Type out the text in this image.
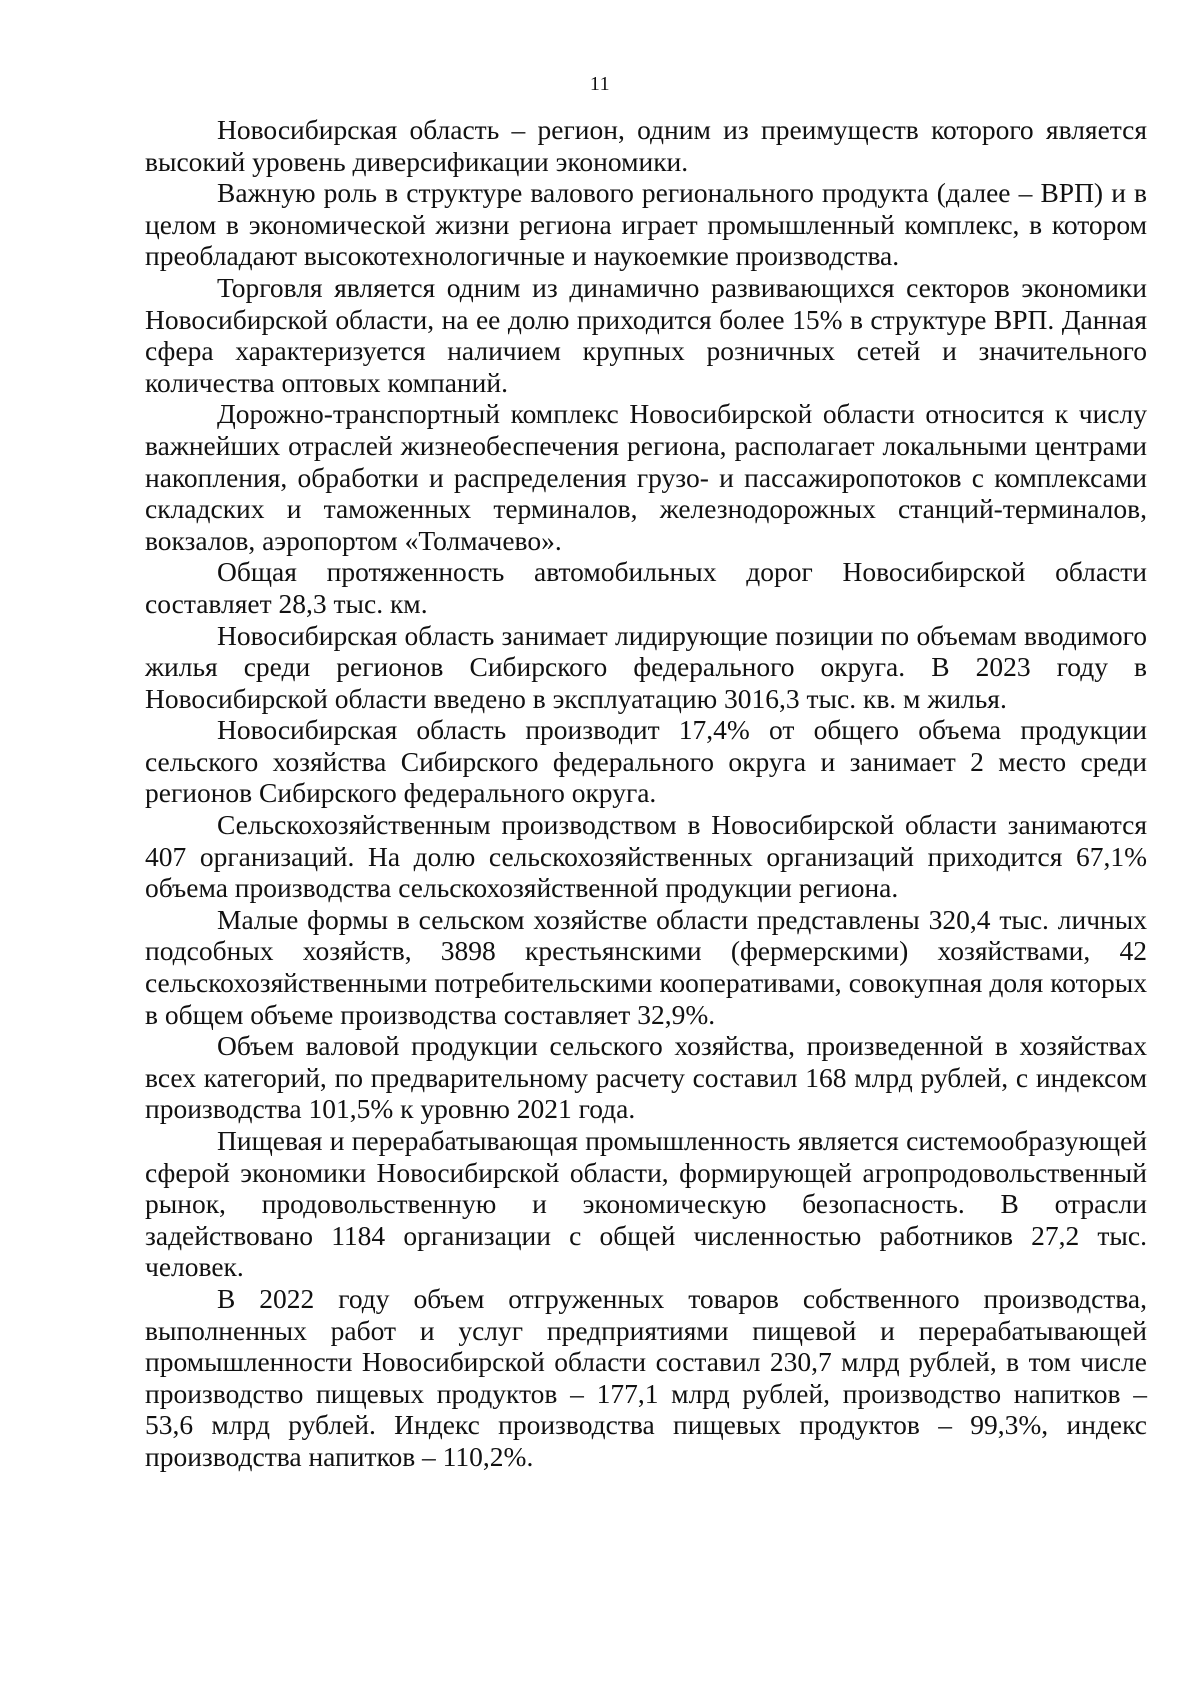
11

Новосибирская область – регион, одним из преимуществ которого является высокий уровень диверсификации экономики.

Важную роль в структуре валового регионального продукта (далее – ВРП) и в целом в экономической жизни региона играет промышленный комплекс, в котором преобладают высокотехнологичные и наукоемкие производства.

Торговля является одним из динамично развивающихся секторов экономики Новосибирской области, на ее долю приходится более 15% в структуре ВРП. Данная сфера характеризуется наличием крупных розничных сетей и значительного количества оптовых компаний.

Дорожно-транспортный комплекс Новосибирской области относится к числу важнейших отраслей жизнеобеспечения региона, располагает локальными центрами накопления, обработки и распределения грузо- и пассажиропотоков с комплексами складских и таможенных терминалов, железнодорожных станций-терминалов, вокзалов, аэропортом «Толмачево».

Общая протяженность автомобильных дорог Новосибирской области составляет 28,3 тыс. км.

Новосибирская область занимает лидирующие позиции по объемам вводимого жилья среди регионов Сибирского федерального округа. В 2023 году в Новосибирской области введено в эксплуатацию 3016,3 тыс. кв. м жилья.

Новосибирская область производит 17,4% от общего объема продукции сельского хозяйства Сибирского федерального округа и занимает 2 место среди регионов Сибирского федерального округа.

Сельскохозяйственным производством в Новосибирской области занимаются 407 организаций. На долю сельскохозяйственных организаций приходится 67,1% объема производства сельскохозяйственной продукции региона.

Малые формы в сельском хозяйстве области представлены 320,4 тыс. личных подсобных хозяйств, 3898 крестьянскими (фермерскими) хозяйствами, 42 сельскохозяйственными потребительскими кооперативами, совокупная доля которых в общем объеме производства составляет 32,9%.

Объем валовой продукции сельского хозяйства, произведенной в хозяйствах всех категорий, по предварительному расчету составил 168 млрд рублей, с индексом производства 101,5% к уровню 2021 года.

Пищевая и перерабатывающая промышленность является системообразующей сферой экономики Новосибирской области, формирующей агропродовольственный рынок, продовольственную и экономическую безопасность. В отрасли задействовано 1184 организации с общей численностью работников 27,2 тыс. человек.

В 2022 году объем отгруженных товаров собственного производства, выполненных работ и услуг предприятиями пищевой и перерабатывающей промышленности Новосибирской области составил 230,7 млрд рублей, в том числе производство пищевых продуктов – 177,1 млрд рублей, производство напитков – 53,6 млрд рублей. Индекс производства пищевых продуктов – 99,3%, индекс производства напитков – 110,2%.
